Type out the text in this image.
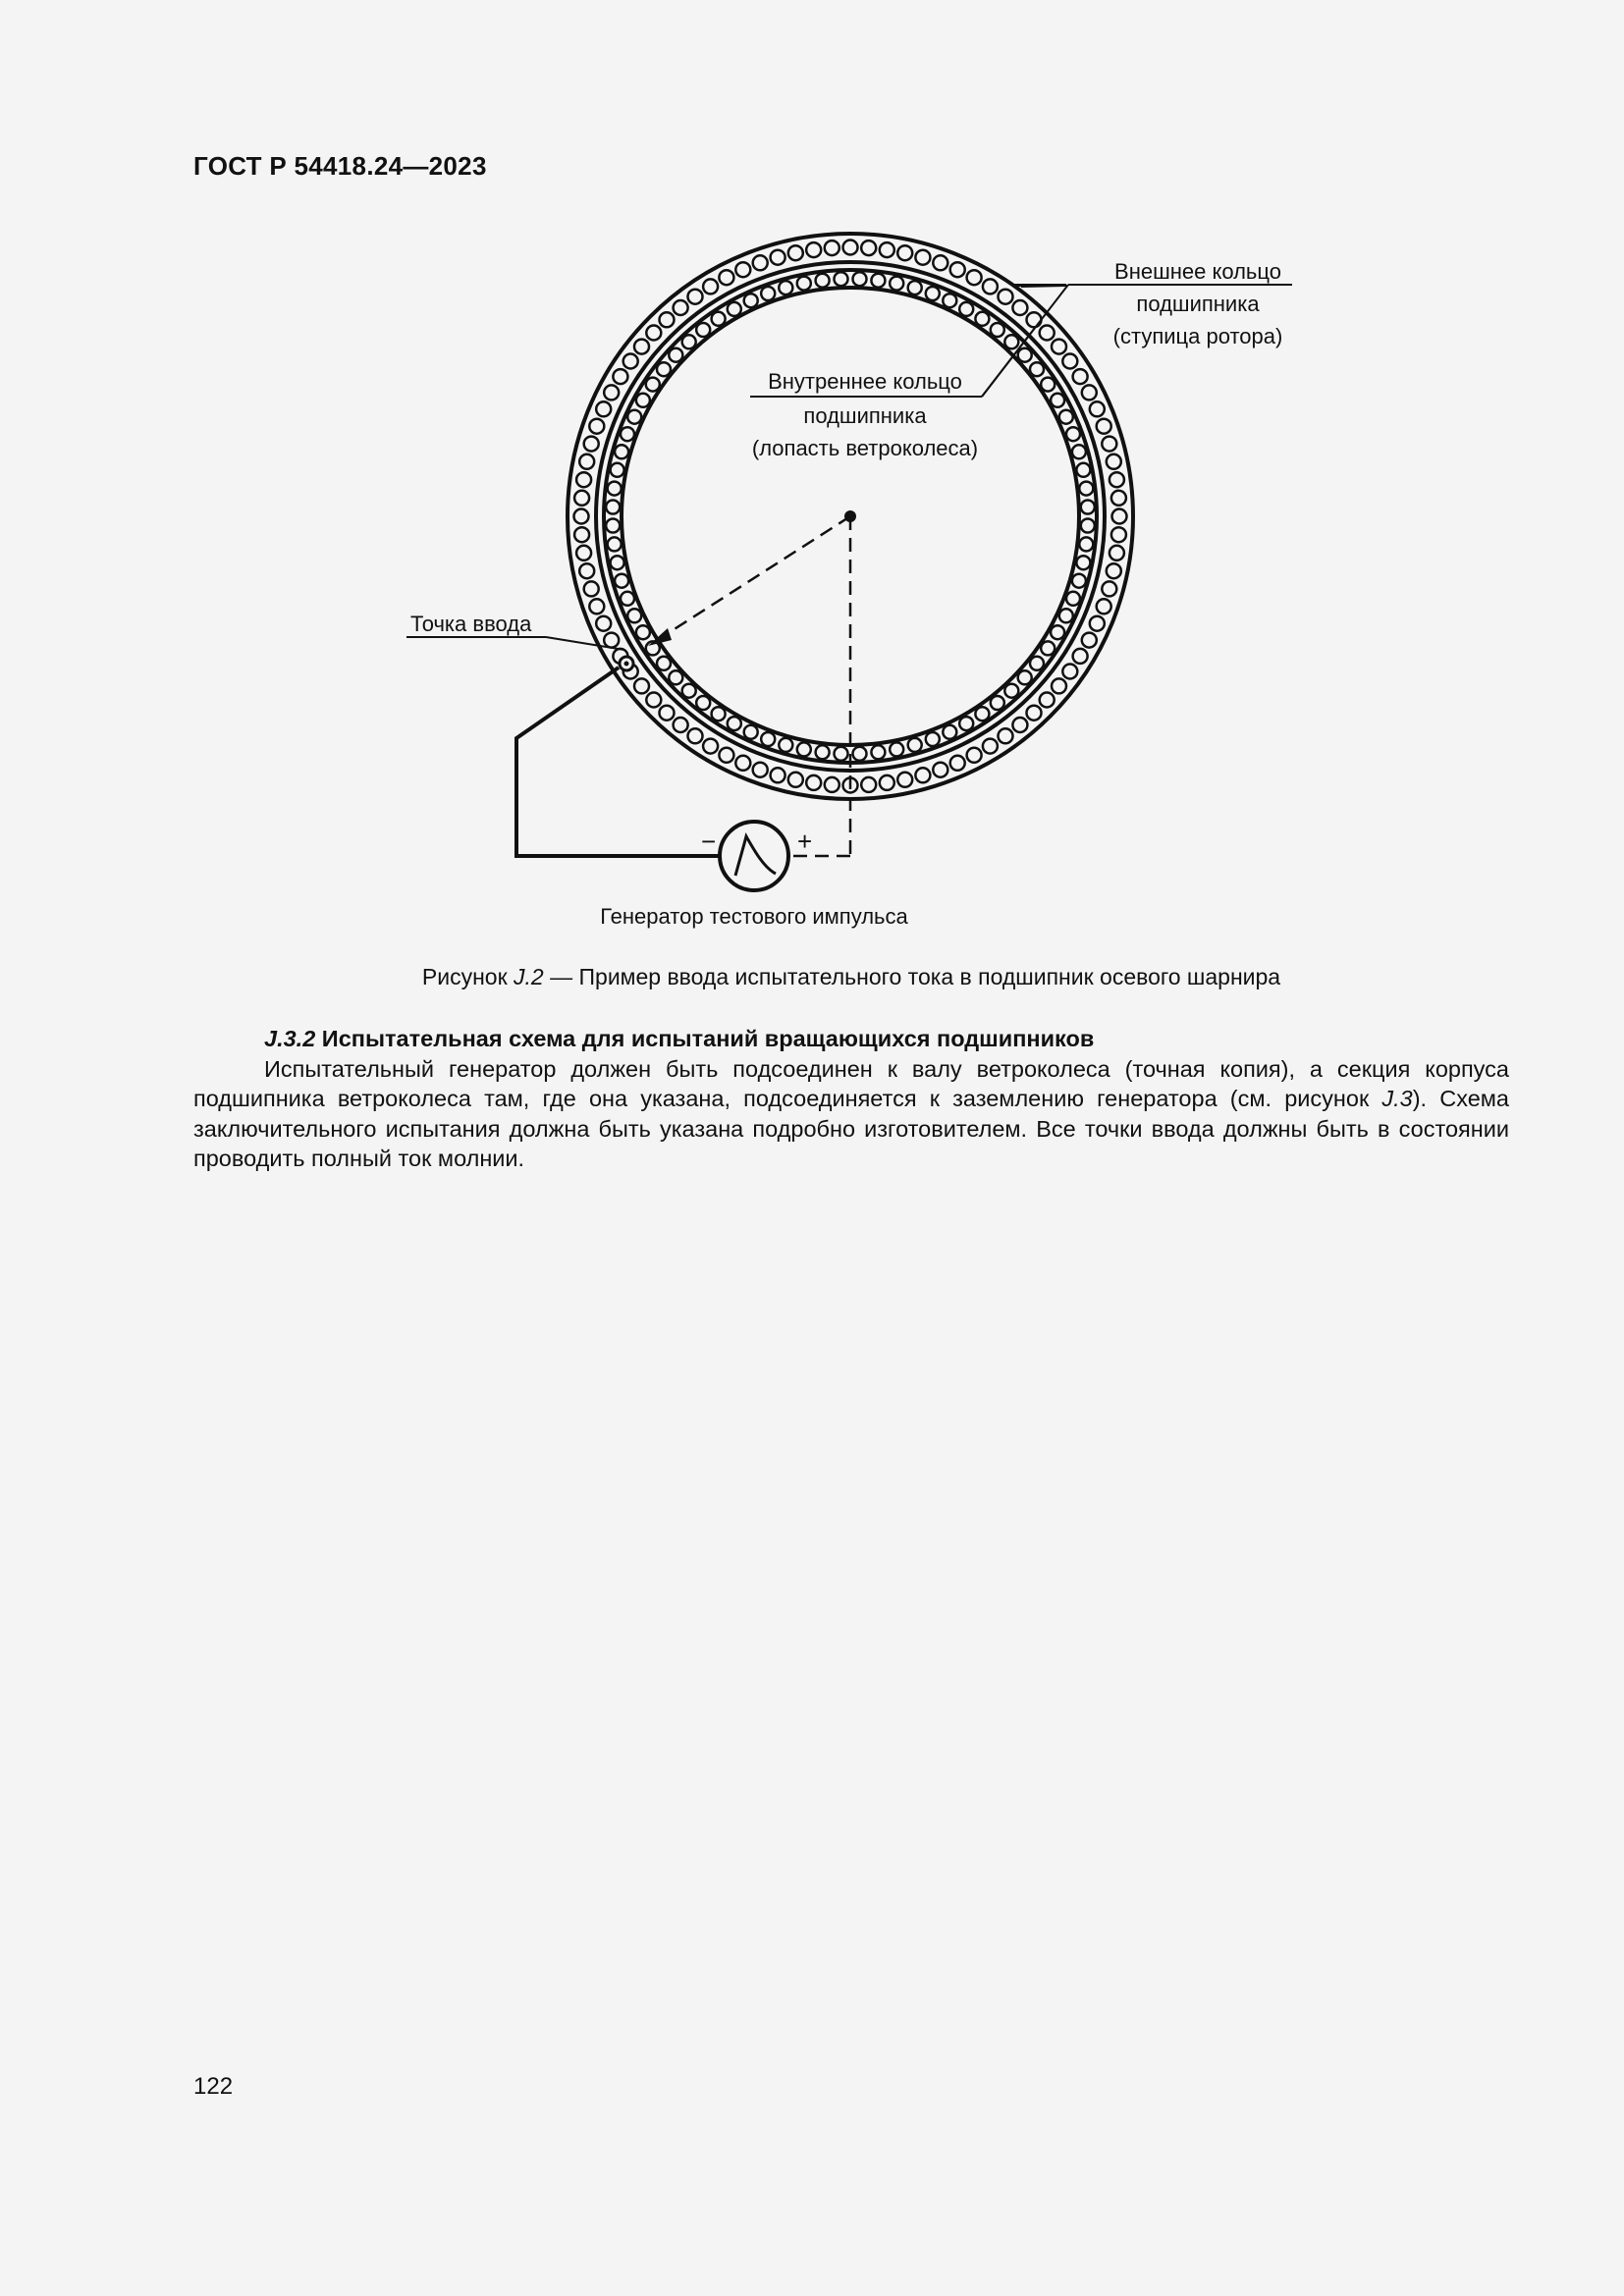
ГОСТ Р 54418.24—2023
Внешнее кольцо
подшипника
(ступица ротора)
Внутреннее кольцо
подшипника
(лопасть ветроколеса)
Точка ввода
−	+
Генератор тестового импульса
Рисунок J.2 — Пример ввода испытательного тока в подшипник осевого шарнира

J.3.2 Испытательная схема для испытаний вращающихся подшипников

Испытательный генератор должен быть подсоединен к валу ветроколеса (точная копия), а секция корпуса подшипника ветроколеса там, где она указана, подсоединяется к заземлению генератора (см. рисунок J.3). Схема заключительного испытания должна быть указана подробно изготовителем. Все точки ввода должны быть в состоянии проводить полный ток молнии.

122
